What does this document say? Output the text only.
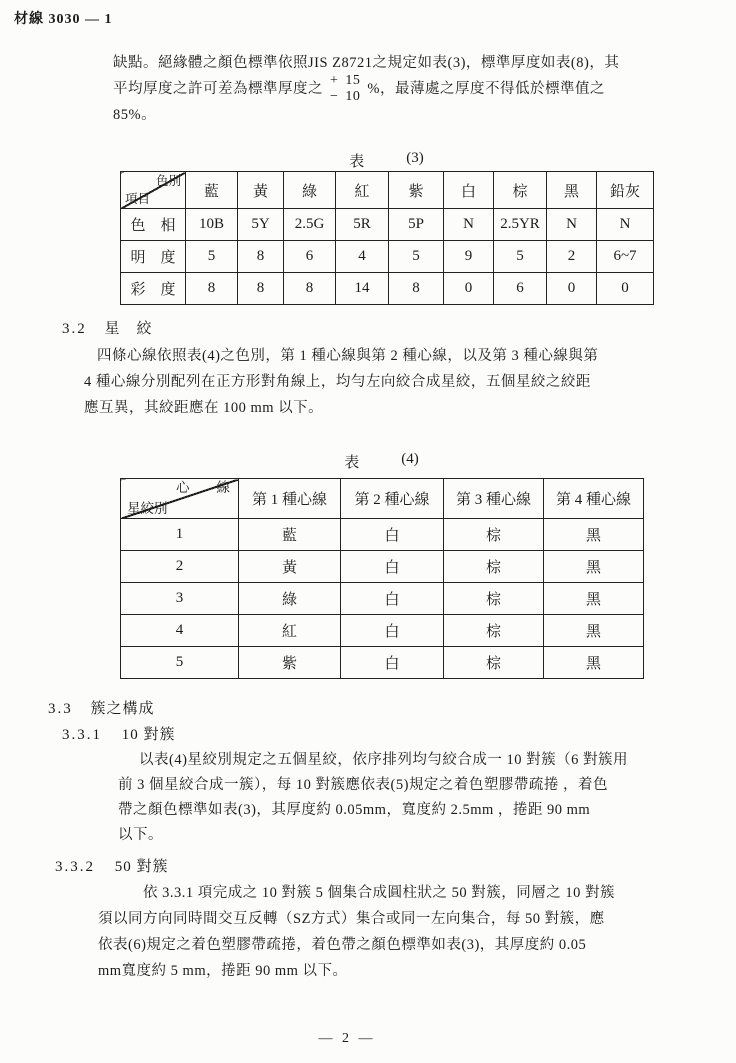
材線 3030 — 1
缺點。絕緣體之顏色標準依照JIS Z8721之規定如表(3)，標準厚度如表(8)，其
平均厚度之許可差為標準厚度之
+ 15
− 10 %，最薄處之厚度不得低於標準值之
85%。
表	(3)
色別
項目	藍	黃	綠	紅	紫	白	棕	黑	鉛灰
色　相	10B	5Y	2.5G	5R	5P	N	2.5YR	N	N
明　度	5	8	6	4	5	9	5	2	6~7
彩　度	8	8	8	14	8	0	6	0	0
3.2 星　絞
四條心線依照表(4)之色別，第 1 種心線與第 2 種心線，以及第 3 種心線與第
4 種心線分別配列在正方形對角線上，均勻左向絞合成星絞，五個星絞之絞距
應互異，其絞距應在 100 mm 以下。
表	(4)
心　　線
星絞別	第 1 種心線	第 2 種心線	第 3 種心線	第 4 種心線
1	藍	白	棕	黑
2	黃	白	棕	黑
3	綠	白	棕	黑
4	紅	白	棕	黑
5	紫	白	棕	黑
3.3 簇之構成
3.3.1 10 對簇
以表(4)星絞別規定之五個星絞，依序排列均勻絞合成一 10 對簇（6 對簇用
前 3 個星絞合成一簇），每 10 對簇應依表(5)規定之着色塑膠帶疏捲 ，着色
帶之顏色標準如表(3)，其厚度約 0.05mm，寬度約 2.5mm ，捲距 90 mm
以下。
3.3.2 50 對簇
依 3.3.1 項完成之 10 對簇 5 個集合成圓柱狀之 50 對簇，同層之 10 對簇
須以同方向同時間交互反轉（SZ方式）集合或同一左向集合，每 50 對簇，應
依表(6)規定之着色塑膠帶疏捲，着色帶之顏色標準如表(3)，其厚度約 0.05
mm寬度約 5 mm，捲距 90 mm 以下。
— 2 —
